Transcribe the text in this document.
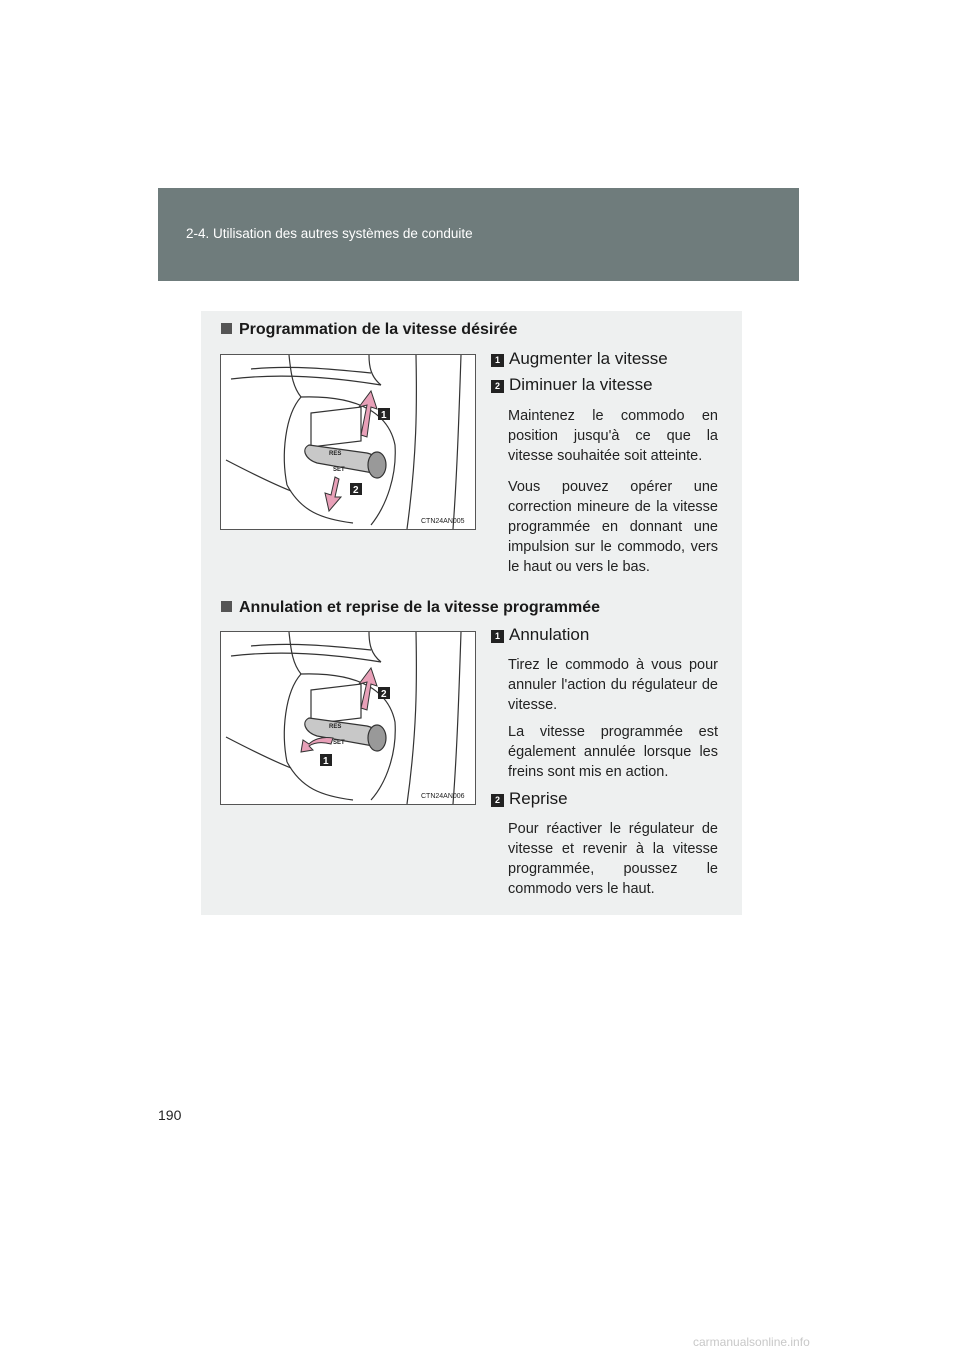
2-4. Utilisation des autres systèmes de conduite
Programmation de la vitesse désirée
RES
SET
1
2
CTN24AN005
1 Augmenter la vitesse
2 Diminuer la vitesse
Maintenez le commodo en position jusqu'à ce que la vitesse souhaitée soit atteinte.
Vous pouvez opérer une correction mineure de la vitesse programmée en donnant une impulsion sur le commodo, vers le haut ou vers le bas.
Annulation et reprise de la vitesse programmée
RES
SET
2
1
CTN24AN006
1 Annulation
Tirez le commodo à vous pour annuler l'action du régulateur de vitesse.
La vitesse programmée est également annulée lorsque les freins sont mis en action.
2 Reprise
Pour réactiver le régulateur de vitesse et revenir à la vitesse programmée, poussez le commodo vers le haut.
190
carmanualsonline.info
